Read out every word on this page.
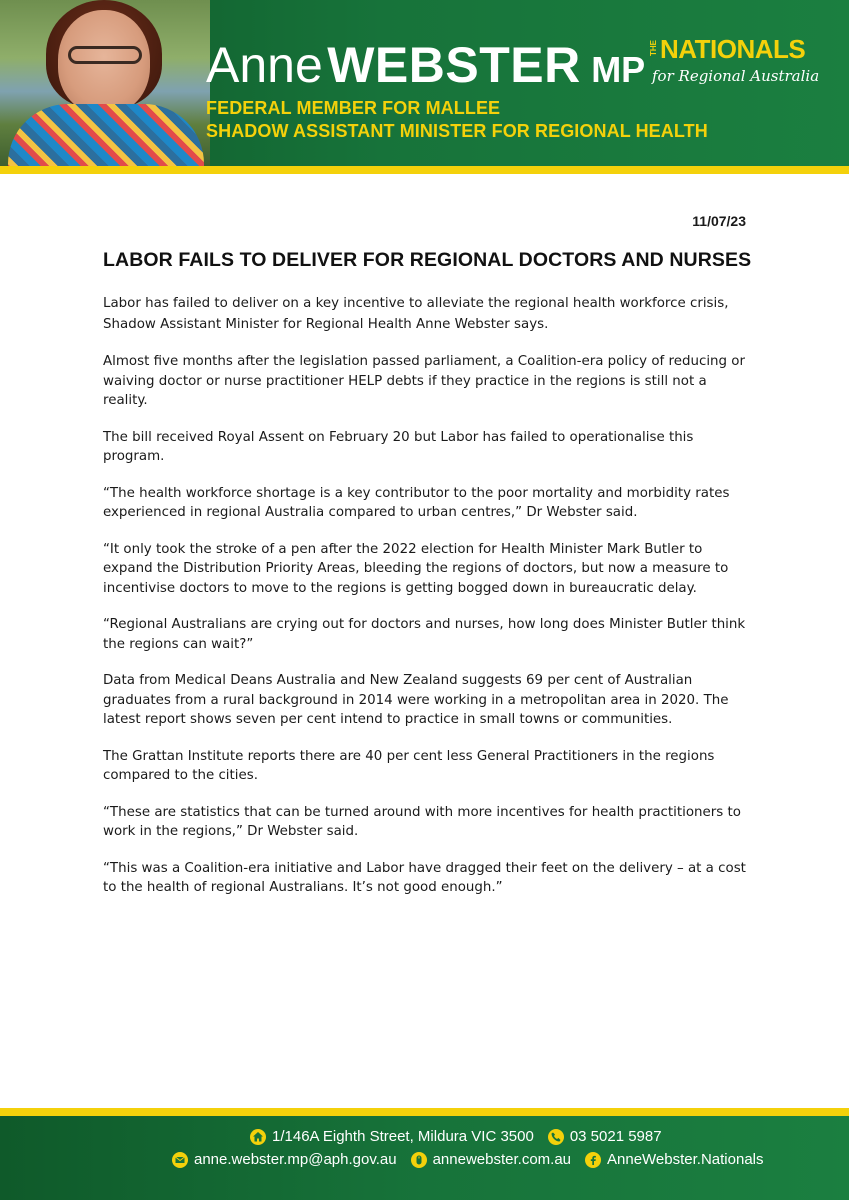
Anne WEBSTER MP
FEDERAL MEMBER FOR MALLEE
SHADOW ASSISTANT MINISTER FOR REGIONAL HEALTH
THE NATIONALS
for Regional Australia
11/07/23
LABOR FAILS TO DELIVER FOR REGIONAL DOCTORS AND NURSES

Labor has failed to deliver on a key incentive to alleviate the regional health workforce crisis, Shadow Assistant Minister for Regional Health Anne Webster says.

Almost five months after the legislation passed parliament, a Coalition-era policy of reducing or waiving doctor or nurse practitioner HELP debts if they practice in the regions is still not a reality.

The bill received Royal Assent on February 20 but Labor has failed to operationalise this program.

“The health workforce shortage is a key contributor to the poor mortality and morbidity rates experienced in regional Australia compared to urban centres,” Dr Webster said.

“It only took the stroke of a pen after the 2022 election for Health Minister Mark Butler to expand the Distribution Priority Areas, bleeding the regions of doctors, but now a measure to incentivise doctors to move to the regions is getting bogged down in bureaucratic delay.

“Regional Australians are crying out for doctors and nurses, how long does Minister Butler think the regions can wait?”

Data from Medical Deans Australia and New Zealand suggests 69 per cent of Australian graduates from a rural background in 2014 were working in a metropolitan area in 2020. The latest report shows seven per cent intend to practice in small towns or communities.

The Grattan Institute reports there are 40 per cent less General Practitioners in the regions compared to the cities.

“These are statistics that can be turned around with more incentives for health practitioners to work in the regions,” Dr Webster said.

“This was a Coalition-era initiative and Labor have dragged their feet on the delivery – at a cost to the health of regional Australians. It’s not good enough.”

1/146A Eighth Street, Mildura VIC 3500 03 5021 5987
anne.webster.mp@aph.gov.au annewebster.com.au AnneWebster.Nationals
